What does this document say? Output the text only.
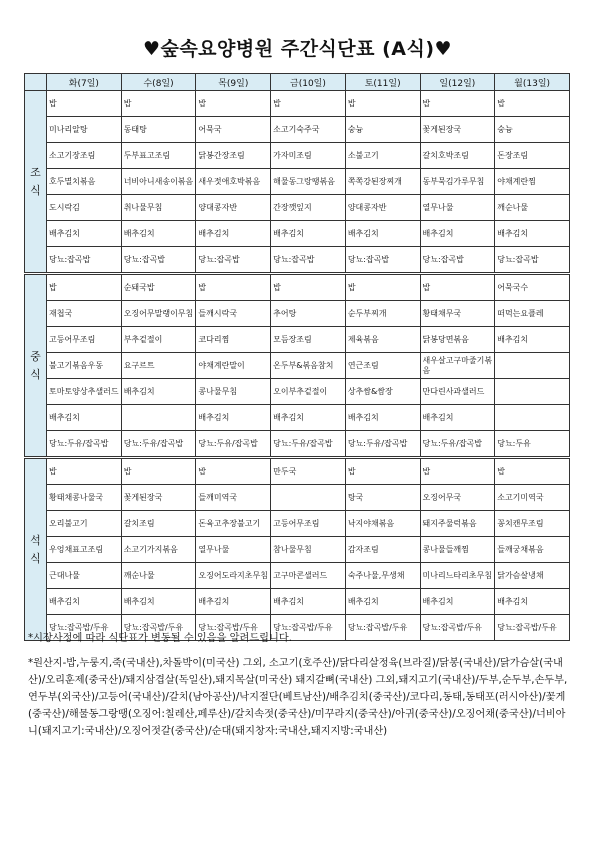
♥숲속요양병원 주간식단표 (A식)♥
	화(7일)	수(8일)	목(9일)	금(10일)	토(11일)	일(12일)	월(13일)

조
식	밥	밥	밥	밥	밥	밥	밥
	미나리알탕	동태탕	어묵국	소고기숙주국	숭늉	꽃게된장국	숭늉
	소고기장조림	두부표고조림	닭봉간장조림	가자미조림	소불고기	갈치호박조림	돈장조림
	호두멸치볶음	너비아니새송이볶음	새우젓애호박볶음	해물동그랑땡볶음	쪽쪽강된장찌개	동부묵김가루무침	야채계란찜
	도시락김	취나물무침	양대콩자반	간장깻잎지	양대콩자반	열무나물	깨순나물
	배추김치	배추김치	배추김치	배추김치	배추김치	배추김치	배추김치
	당뇨:잡곡밥	당뇨:잡곡밥	당뇨:잡곡밥	당뇨:잡곡밥	당뇨:잡곡밥	당뇨:잡곡밥	당뇨:잡곡밥

중
식	밥	순돼국밥	밥	밥	밥	밥	어묵국수
	재첩국	오징어무말랭이무침	들깨시락국	추어탕	순두부찌개	황태채무국	떠먹는요플레
	고등어무조림	부추겉절이	코다리찜	모듬장조림	제육볶음	닭봉당면볶음	배추김치
	불고기볶음우동	요구르트	야채계란말이	온두부&볶음참치	연근조림	새우살고구마줄기볶음	
	토마토양상추샐러드	배추김치	콩나물무침	오이부추겉절이	상추쌈&쌈장	만다린사과샐러드	
	배추김치		배추김치	배추김치	배추김치	배추김치	
	당뇨:두유/잡곡밥	당뇨:두유/잡곡밥	당뇨:두유/잡곡밥	당뇨:두유/잡곡밥	당뇨:두유/잡곡밥	당뇨:두유/잡곡밥	당뇨:두유

석
식	밥	밥	밥	만두국	밥	밥	밥
	황태채콩나물국	꽃게된장국	들깨미역국		탕국	오징어무국	소고기미역국
	오리불고기	갈치조림	돈육고추장불고기	고등어무조림	낙지야채볶음	돼지주물럭볶음	꽁치캔무조림
	우엉채표고조림	소고기가지볶음	열무나물	참나물무침	감자조림	콩나물들깨찜	들깨궁채볶음
	근대나물	깨순나물	오징어도라지초무침	고구마콘샐러드	숙주나물,무생채	미나리느타리초무침	닭가슴살냉채
	배추김치	배추김치	배추김치	배추김치	배추김치	배추김치	배추김치
	당뇨:잡곡밥/두유	당뇨:잡곡밥/두유	당뇨:잡곡밥/두유	당뇨:잡곡밥/두유	당뇨:잡곡밥/두유	당뇨:잡곡밥/두유	당뇨:잡곡밥/두유

*시장사정에 따라 식단표가 변동될 수 있음을 알려드립니다.

*원산지-밥,누룽지,죽(국내산),차돌박이(미국산) 그외, 소고기(호주산)/닭다리살정육(브라질)/닭봉(국내산)/닭가슴살(국내산)/오리훈제(중국산)/돼지삼겹살(독일산),돼지목살(미국산) 돼지갈뼈(국내산) 그외,돼지고기(국내산)/두부,순두부,손두부,연두부(외국산)/고등어(국내산)/갈치(남아공산)/낙지절단(베트남산)/배추김치(중국산)/코다리,동태,동태포(러시아산)/꽃게(중국산)/해물동그랑땡(오징어:칠레산,페루산)/갈치속젓(중국산)/미꾸라지(중국산)/아귀(중국산)/오징어채(중국산)/너비아니(돼지고기:국내산)/오징어젓갈(중국산)/순대(돼지창자:국내산,돼지지방:국내산)
